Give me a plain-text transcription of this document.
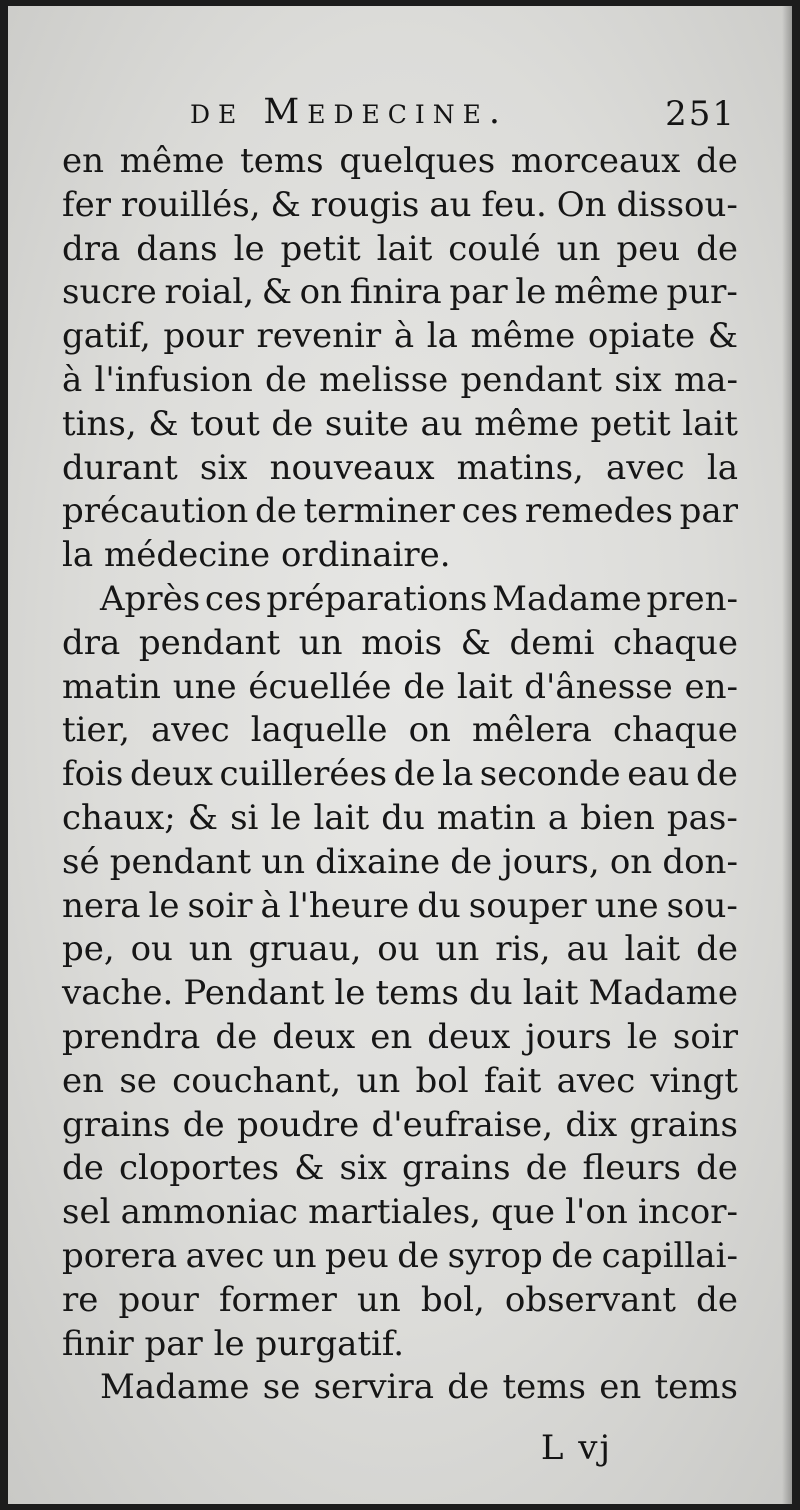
de Medecine.	251
en même tems quelques morceaux de
fer rouillés, & rougis au feu. On dissou-
dra dans le petit lait coulé un peu de
sucre roial, & on finira par le même pur-
gatif, pour revenir à la même opiate &
à l'infusion de melisse pendant six ma-
tins, & tout de suite au même petit lait
durant six nouveaux matins, avec la
précaution de terminer ces remedes par
la médecine ordinaire.
Après ces préparations Madame pren-
dra pendant un mois & demi chaque
matin une écuellée de lait d'ânesse en-
tier, avec laquelle on mêlera chaque
fois deux cuillerées de la seconde eau de
chaux; & si le lait du matin a bien pas-
sé pendant un dixaine de jours, on don-
nera le soir à l'heure du souper une sou-
pe, ou un gruau, ou un ris, au lait de
vache. Pendant le tems du lait Madame
prendra de deux en deux jours le soir
en se couchant, un bol fait avec vingt
grains de poudre d'eufraise, dix grains
de cloportes & six grains de fleurs de
sel ammoniac martiales, que l'on incor-
porera avec un peu de syrop de capillai-
re pour former un bol, observant de
finir par le purgatif.
Madame se servira de tems en tems
L vj
